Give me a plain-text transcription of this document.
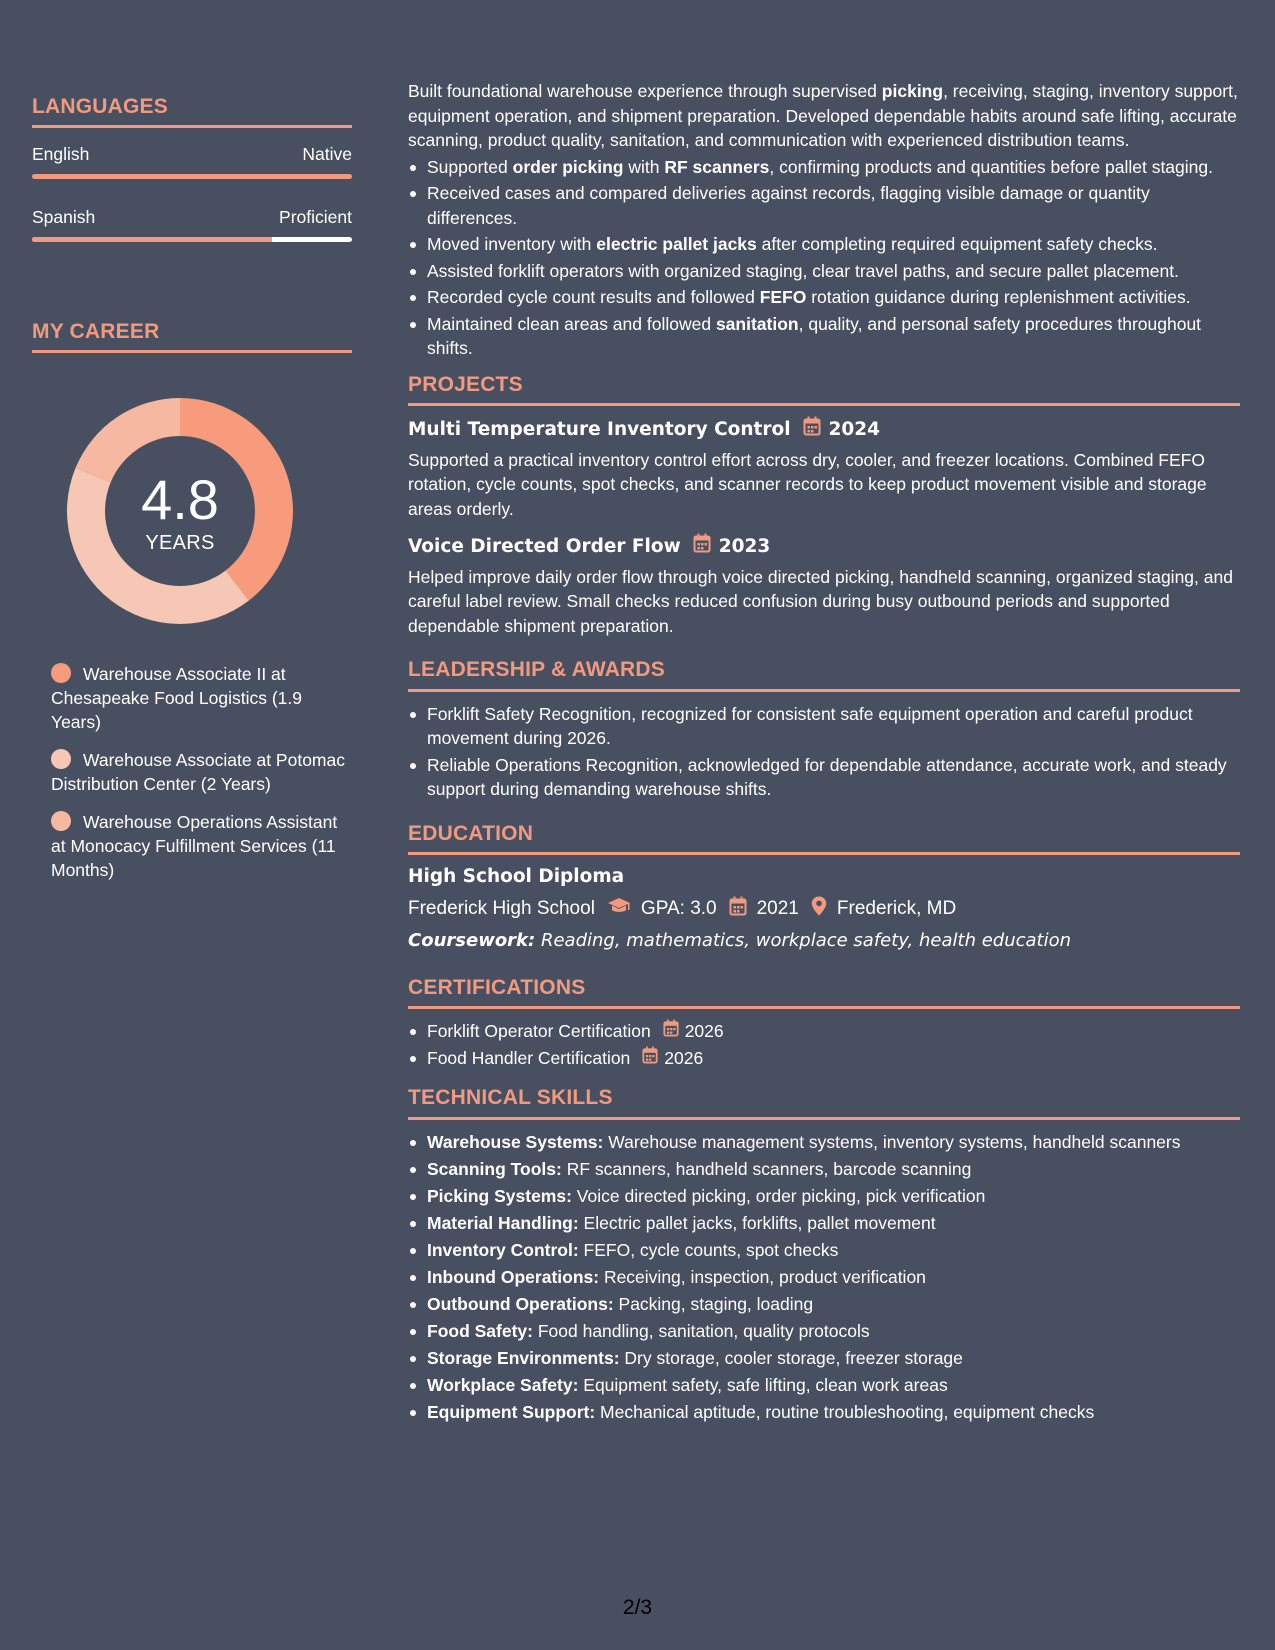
LANGUAGES
English	Native
Spanish	Proficient
MY CAREER
4.8
YEARS
Warehouse Associate II at Chesapeake Food Logistics (1.9 Years)
Warehouse Associate at Potomac Distribution Center (2 Years)
Warehouse Operations Assistant at Monocacy Fulfillment Services (11 Months)

Built foundational warehouse experience through supervised picking, receiving, staging, inventory support, equipment operation, and shipment preparation. Developed dependable habits around safe lifting, accurate scanning, product quality, sanitation, and communication with experienced distribution teams.

Supported order picking with RF scanners, confirming products and quantities before pallet staging.
Received cases and compared deliveries against records, flagging visible damage or quantity differences.
Moved inventory with electric pallet jacks after completing required equipment safety checks.
Assisted forklift operators with organized staging, clear travel paths, and secure pallet placement.
Recorded cycle count results and followed FEFO rotation guidance during replenishment activities.
Maintained clean areas and followed sanitation, quality, and personal safety procedures throughout shifts.
PROJECTS
Multi Temperature Inventory Control 2024

Supported a practical inventory control effort across dry, cooler, and freezer locations. Combined FEFO rotation, cycle counts, spot checks, and scanner records to keep product movement visible and storage areas orderly.

Voice Directed Order Flow 2023

Helped improve daily order flow through voice directed picking, handheld scanning, organized staging, and careful label review. Small checks reduced confusion during busy outbound periods and supported dependable shipment preparation.

LEADERSHIP & AWARDS
Forklift Safety Recognition, recognized for consistent safe equipment operation and careful product movement during 2026.
Reliable Operations Recognition, acknowledged for dependable attendance, accurate work, and steady support during demanding warehouse shifts.
EDUCATION
High School Diploma
Frederick High School GPA: 3.0 2021 Frederick, MD
Coursework: Reading, mathematics, workplace safety, health education
CERTIFICATIONS
Forklift Operator Certification 2026
Food Handler Certification 2026
TECHNICAL SKILLS
Warehouse Systems: Warehouse management systems, inventory systems, handheld scanners
Scanning Tools: RF scanners, handheld scanners, barcode scanning
Picking Systems: Voice directed picking, order picking, pick verification
Material Handling: Electric pallet jacks, forklifts, pallet movement
Inventory Control: FEFO, cycle counts, spot checks
Inbound Operations: Receiving, inspection, product verification
Outbound Operations: Packing, staging, loading
Food Safety: Food handling, sanitation, quality protocols
Storage Environments: Dry storage, cooler storage, freezer storage
Workplace Safety: Equipment safety, safe lifting, clean work areas
Equipment Support: Mechanical aptitude, routine troubleshooting, equipment checks
2/3
